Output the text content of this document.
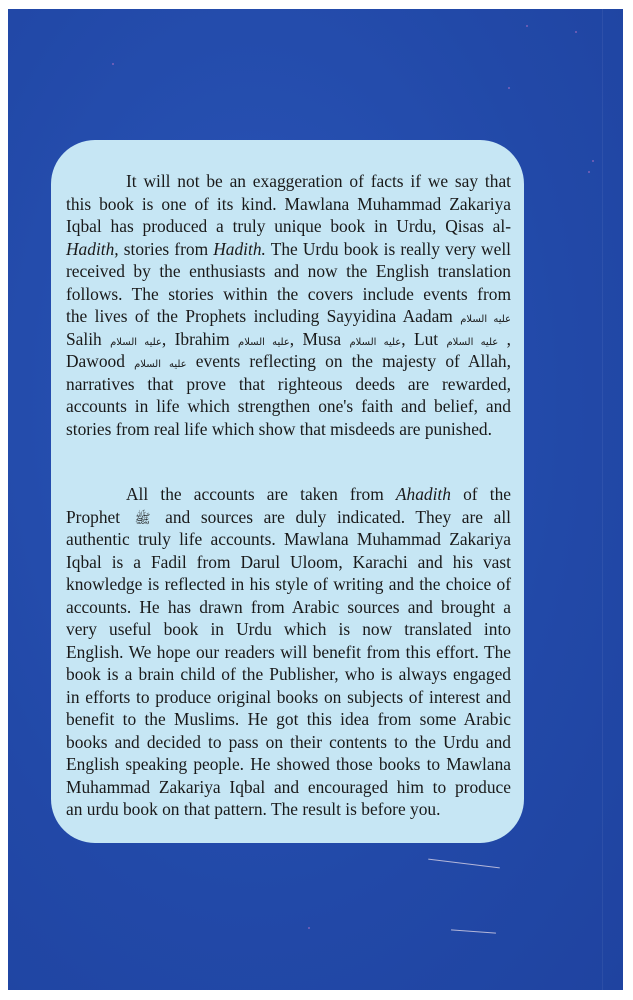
It will not be an exaggeration of facts if we say that
this book is one of its kind. Mawlana Muhammad Zakariya
Iqbal has produced a truly unique book in Urdu, Qisas al-
Hadith, stories from Hadith. The Urdu book is really very well
received by the enthusiasts and now the English translation
follows. The stories within the covers include events from
the lives of the Prophets including Sayyidina Aadam عليه السلام
Salih عليه السلام, Ibrahim عليه السلام, Musa عليه السلام, Lut عليه السلام ,
Dawood عليه السلام events reflecting on the majesty of Allah,
narratives that prove that righteous deeds are rewarded,
accounts in life which strengthen one's faith and belief, and
stories from real life which show that misdeeds are punished.
All the accounts are taken from Ahadith of the
Prophet ﷺ and sources are duly indicated. They are all
authentic truly life accounts. Mawlana Muhammad Zakariya
Iqbal is a Fadil from Darul Uloom, Karachi and his vast
knowledge is reflected in his style of writing and the choice of
accounts. He has drawn from Arabic sources and brought a
very useful book in Urdu which is now translated into
English. We hope our readers will benefit from this effort. The
book is a brain child of the Publisher, who is always engaged
in efforts to produce original books on subjects of interest and
benefit to the Muslims. He got this idea from some Arabic
books and decided to pass on their contents to the Urdu and
English speaking people. He showed those books to Mawlana
Muhammad Zakariya Iqbal and encouraged him to produce
an urdu book on that pattern. The result is before you.
